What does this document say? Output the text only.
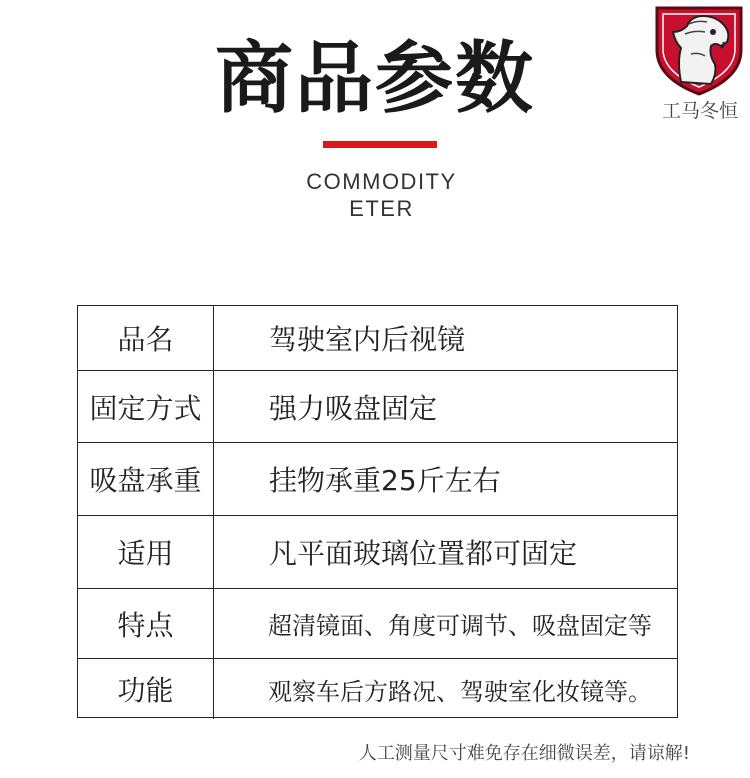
商品参数
COMMODITY
ETER
工马冬恒
品名	驾驶室内后视镜
固定方式	强力吸盘固定
吸盘承重	挂物承重25斤左右
适用	凡平面玻璃位置都可固定
特点	超清镜面、角度可调节、吸盘固定等
功能	观察车后方路况、驾驶室化妆镜等。
人工测量尺寸难免存在细微误差，请谅解!
